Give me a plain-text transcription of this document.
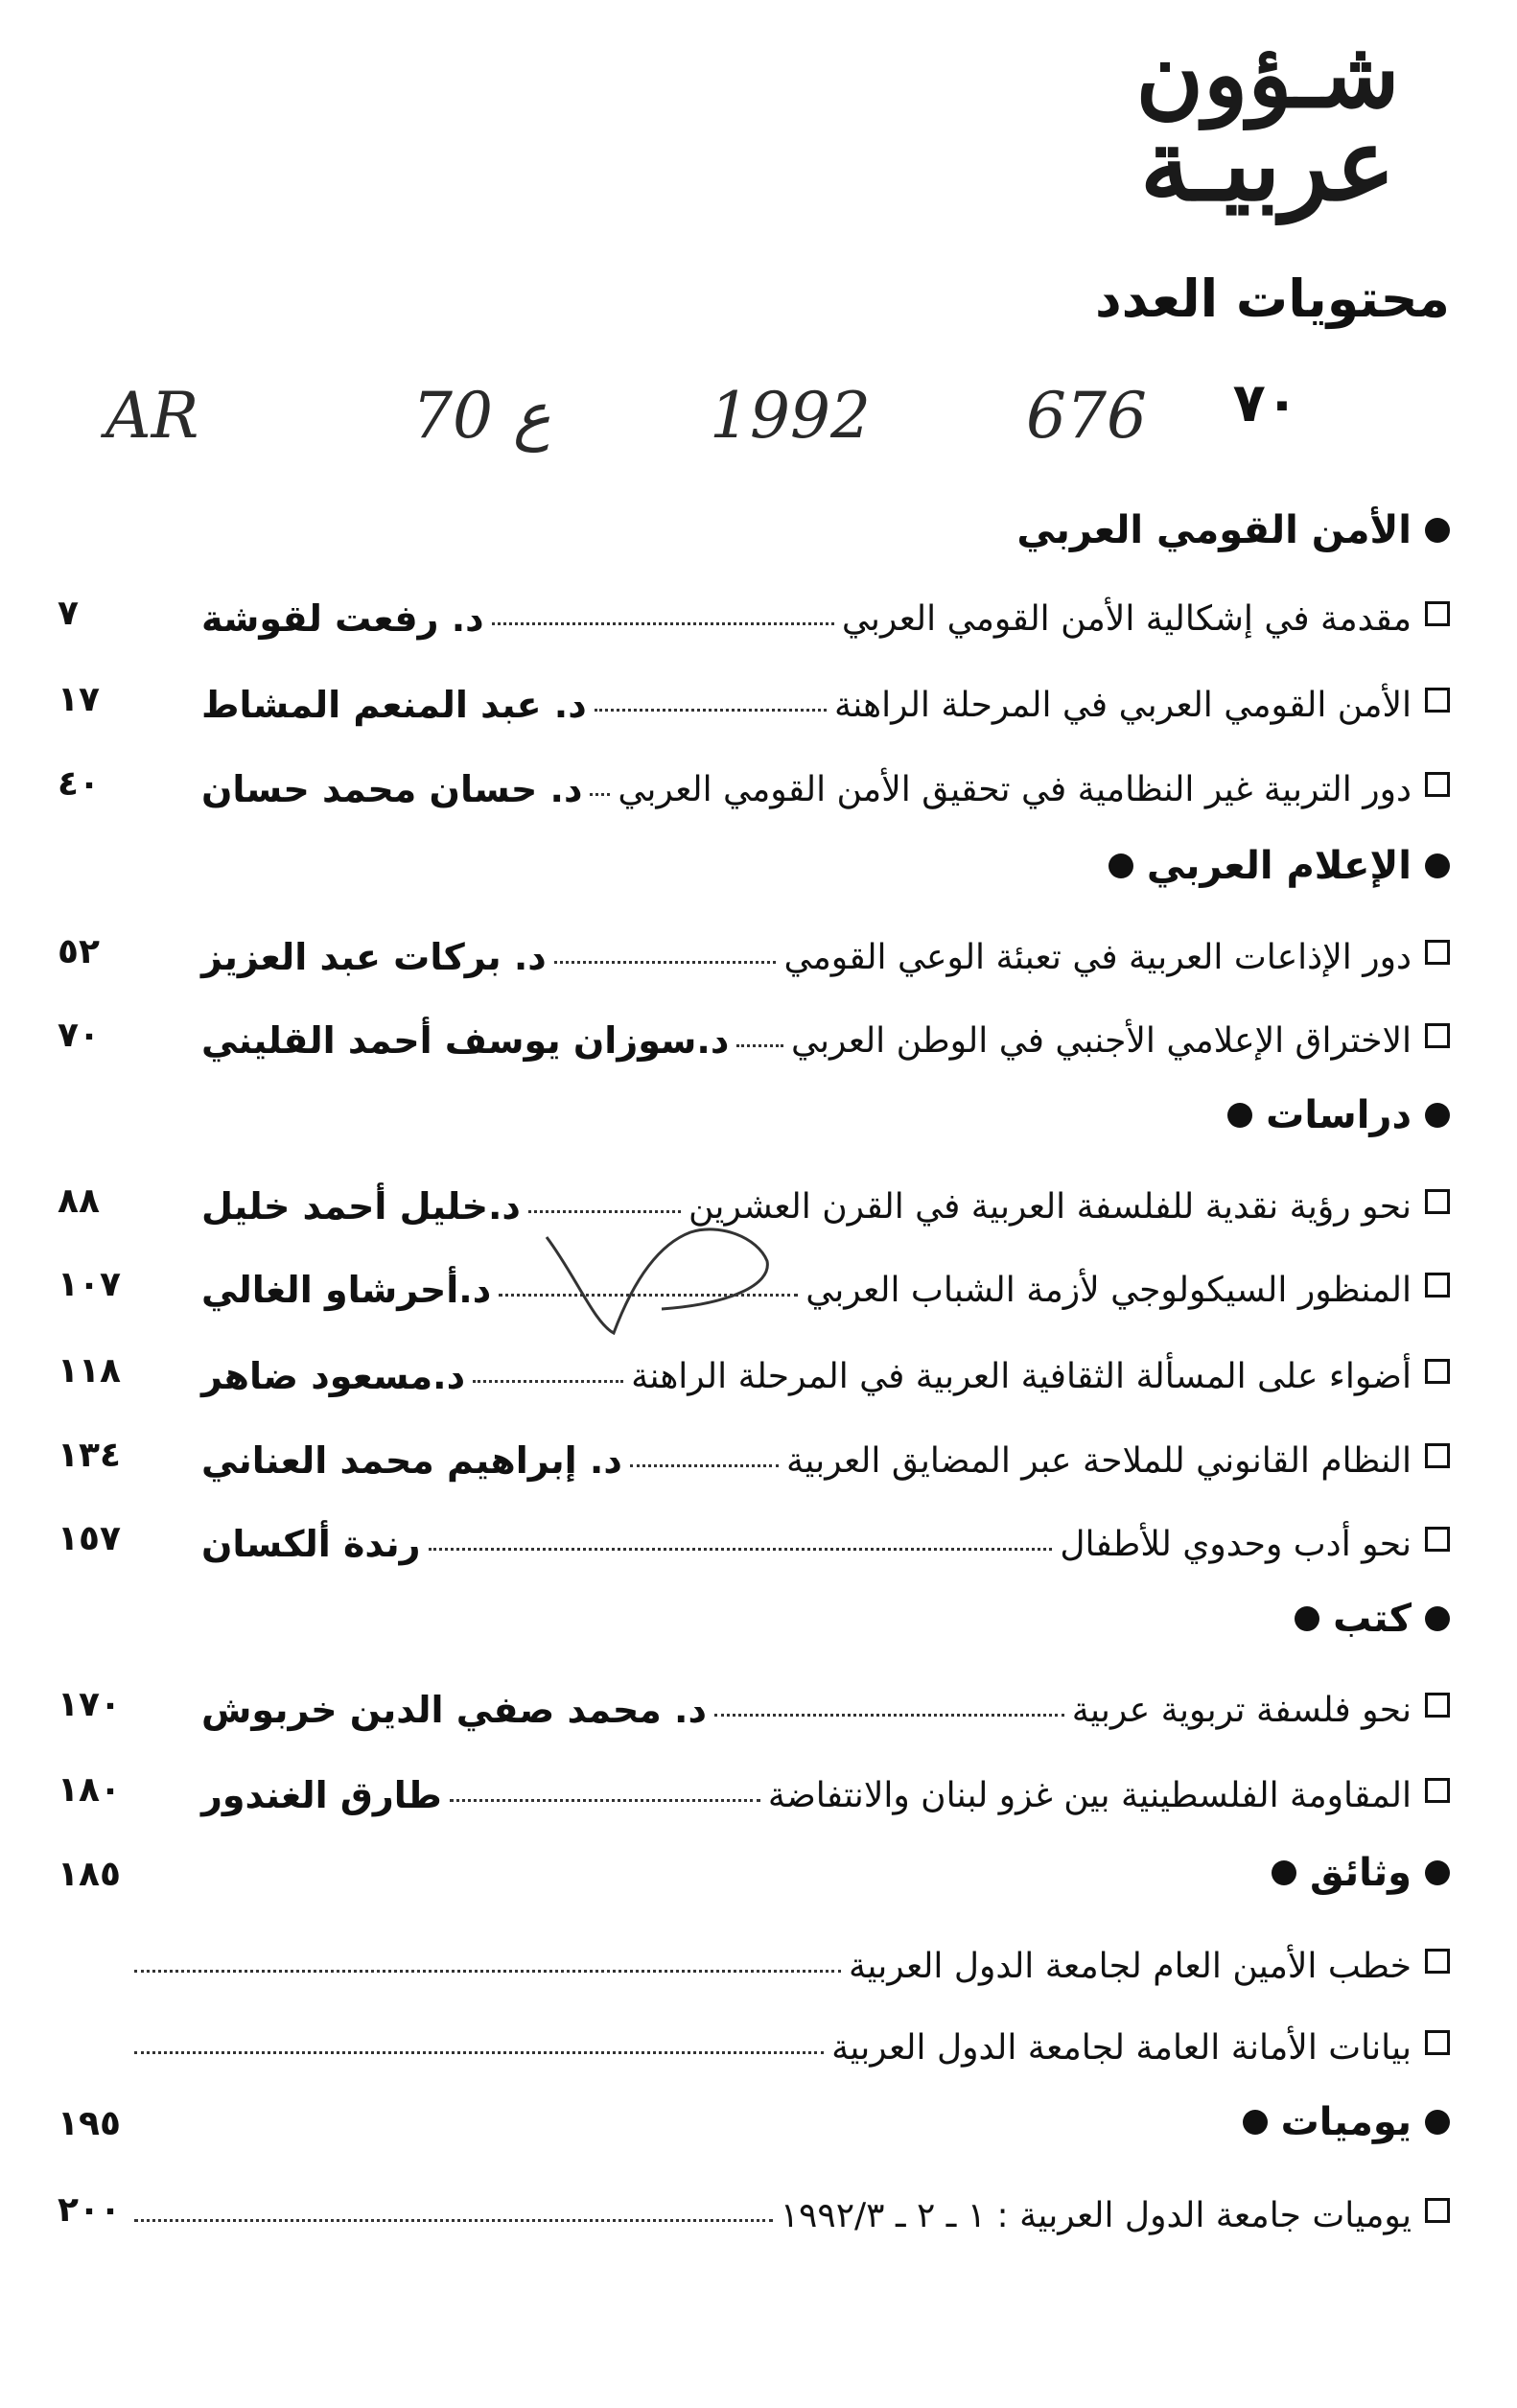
شـؤون
عربيـة
محتويات العدد
٧٠
AR	70 ع	1992 676
الأمن القومي العربي
مقدمة في إشكالية الأمن القومي العربي
د. رفعت لقوشة
٧
الأمن القومي العربي في المرحلة الراهنة
د. عبد المنعم المشاط
١٧
دور التربية غير النظامية في تحقيق الأمن القومي العربي
د. حسان محمد حسان
٤٠
الإعلام العربي
دور الإذاعات العربية في تعبئة الوعي القومي
د. بركات عبد العزيز
٥٢
الاختراق الإعلامي الأجنبي في الوطن العربي
د.سوزان يوسف أحمد القليني
٧٠
دراسات
نحو رؤية نقدية للفلسفة العربية في القرن العشرين
د.خليل أحمد خليل
٨٨
المنظور السيكولوجي لأزمة الشباب العربي
د.أحرشاو الغالي
١٠٧
أضواء على المسألة الثقافية العربية في المرحلة الراهنة
د.مسعود ضاهر
١١٨
النظام القانوني للملاحة عبر المضايق العربية
د. إبراهيم محمد العناني
١٣٤
نحو أدب وحدوي للأطفال
رندة ألكسان
١٥٧
كتب
نحو فلسفة تربوية عربية
د. محمد صفي الدين خربوش
١٧٠
المقاومة الفلسطينية بين غزو لبنان والانتفاضة
طارق الغندور
١٨٠
وثائق
١٨٥
خطب الأمين العام لجامعة الدول العربية
بيانات الأمانة العامة لجامعة الدول العربية
يوميات
١٩٥
يوميات جامعة الدول العربية : ١ ـ ٢ ـ ١٩٩٢/٣
٢٠٠
